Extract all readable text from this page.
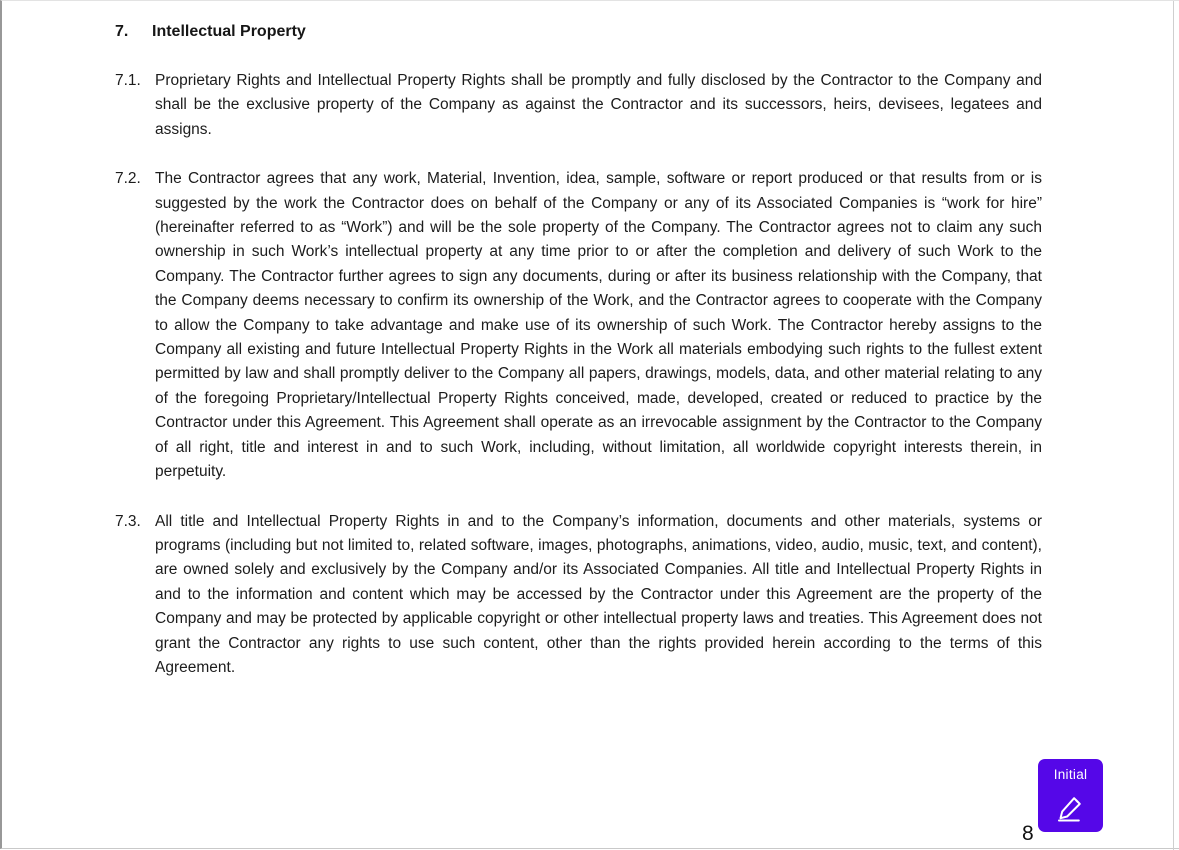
7.	Intellectual Property
7.1. Proprietary Rights and Intellectual Property Rights shall be promptly and fully disclosed by the Contractor to the Company and shall be the exclusive property of the Company as against the Contractor and its successors, heirs, devisees, legatees and assigns.
7.2. The Contractor agrees that any work, Material, Invention, idea, sample, software or report produced or that results from or is suggested by the work the Contractor does on behalf of the Company or any of its Associated Companies is “work for hire” (hereinafter referred to as “Work”) and will be the sole property of the Company. The Contractor agrees not to claim any such ownership in such Work’s intellectual property at any time prior to or after the completion and delivery of such Work to the Company. The Contractor further agrees to sign any documents, during or after its business relationship with the Company, that the Company deems necessary to confirm its ownership of the Work, and the Contractor agrees to cooperate with the Company to allow the Company to take advantage and make use of its ownership of such Work. The Contractor hereby assigns to the Company all existing and future Intellectual Property Rights in the Work all materials embodying such rights to the fullest extent permitted by law and shall promptly deliver to the Company all papers, drawings, models, data, and other material relating to any of the foregoing Proprietary/Intellectual Property Rights conceived, made, developed, created or reduced to practice by the Contractor under this Agreement. This Agreement shall operate as an irrevocable assignment by the Contractor to the Company of all right, title and interest in and to such Work, including, without limitation, all worldwide copyright interests therein, in perpetuity.
7.3. All title and Intellectual Property Rights in and to the Company’s information, documents and other materials, systems or programs (including but not limited to, related software, images, photographs, animations, video, audio, music, text, and content), are owned solely and exclusively by the Company and/or its Associated Companies. All title and Intellectual Property Rights in and to the information and content which may be accessed by the Contractor under this Agreement are the property of the Company and may be protected by applicable copyright or other intellectual property laws and treaties. This Agreement does not grant the Contractor any rights to use such content, other than the rights provided herein according to the terms of this Agreement.
Initial
8
